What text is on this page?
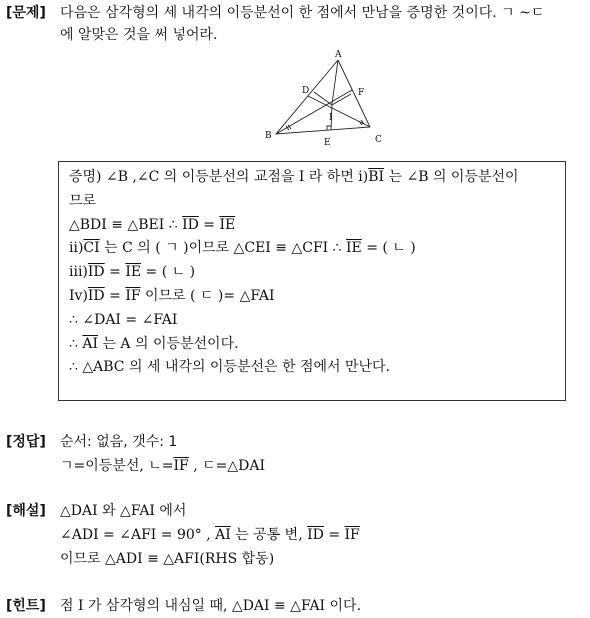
[문제] 다음은 삼각형의 세 내각의 이등분선이 한 점에서 만남을 증명한 것이다. ㄱ ~ㄷ
에 알맞은 것을 써 넣어라.
A
B	C
D
E
F
I
증명) ∠B ,∠C 의 이등분선의 교점을 I 라 하면 $i)\overline{BI}$ 는 ∠B 의 이등분선이
므로
△BDI ≡ △BEI ∴ $\overline{ID} = \overline{IE}$
$ii)\overline{CI}$ 는 C 의 ( ㄱ )이므로 △CEI ≡ △CFI ∴ $\overline{IE}$ = ( ㄴ )
$iii)\overline{ID} = \overline{IE}$ = ( ㄴ )
$Iv)\overline{ID} = \overline{IF}$ 이므로 ( ㄷ )= △FAI
∴ ∠DAI = ∠FAI
∴ $\overline{AI}$ 는 A 의 이등분선이다.
∴ △ABC 의 세 내각의 이등분선은 한 점에서 만난다.
[정답] 순서: 없음, 갯수: 1
ㄱ=이등분선, ㄴ$=\overline{IF}$ , ㄷ=△DAI
[해설] △DAI 와 △FAI 에서
∠ADI = ∠AFI = 90° , $\overline{AI}$ 는 공통 변, $\overline{ID} = \overline{IF}$
이므로 △ADI ≡ △AFI(RHS 합동)
[힌트] 점 I 가 삼각형의 내심일 때, △DAI ≡ △FAI 이다.
